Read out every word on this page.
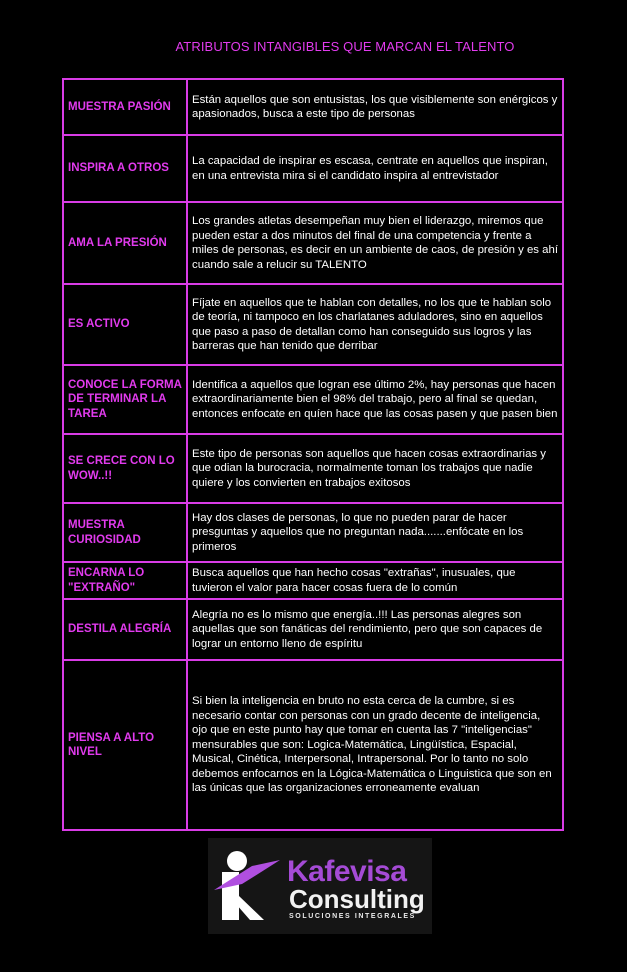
ATRIBUTOS INTANGIBLES QUE MARCAN EL TALENTO
MUESTRA PASIÓN	Están aquellos que son entusistas, los que visiblemente son enérgicos y apasionados, busca a este tipo de personas
INSPIRA A OTROS	La capacidad de inspirar es escasa, centrate en aquellos que inspiran, en una entrevista mira si el candidato inspira al entrevistador
AMA LA PRESIÓN	Los grandes atletas desempeñan muy bien el liderazgo, miremos que pueden estar a dos minutos del final de una competencia y frente a miles de personas, es decir en un ambiente de caos, de presión y es ahí cuando sale a relucir su TALENTO
ES ACTIVO	Fíjate en aquellos que te hablan con detalles, no los que te hablan solo de teoría, ni tampoco en los charlatanes aduladores, sino en aquellos que paso a paso de detallan como han conseguido sus logros y las barreras que han tenido que derribar
CONOCE LA FORMA DE TERMINAR LA TAREA	Identifica a aquellos que logran ese último 2%, hay personas que hacen extraordinariamente bien el 98% del trabajo, pero al final se quedan, entonces enfocate en quíen hace que las cosas pasen y que pasen bien
SE CRECE CON LO WOW..!!	Este tipo de personas son aquellos que hacen cosas extraordinarias y que odian la burocracia, normalmente toman los trabajos que nadie quiere y los convierten en trabajos exitosos
MUESTRA CURIOSIDAD	Hay dos clases de personas, lo que no pueden parar de hacer presguntas y aquellos que no preguntan nada.......enfócate en los primeros
ENCARNA LO "EXTRAÑO"	Busca aquellos que han hecho cosas "extrañas", inusuales, que tuvieron el valor para hacer cosas fuera de lo común
DESTILA ALEGRÍA	Alegría no es lo mismo que energía..!!! Las personas alegres son aquellas que son fanáticas del rendimiento, pero que son capaces de lograr un entorno lleno de espíritu
PIENSA A ALTO NIVEL	Si bien la inteligencia en bruto no esta cerca de la cumbre, si es necesario contar con personas con un grado decente de inteligencia, ojo que en este punto hay que tomar en cuenta las 7 "inteligencias" mensurables que son: Logica-Matemática, Lingüística, Espacial, Musical, Cinética, Interpersonal, Intrapersonal. Por lo tanto no solo debemos enfocarnos en la Lógica-Matemática o Linguistica que son en las únicas que las organizaciones erroneamente evaluan
Kafevisa
Consulting
SOLUCIONES INTEGRALES
